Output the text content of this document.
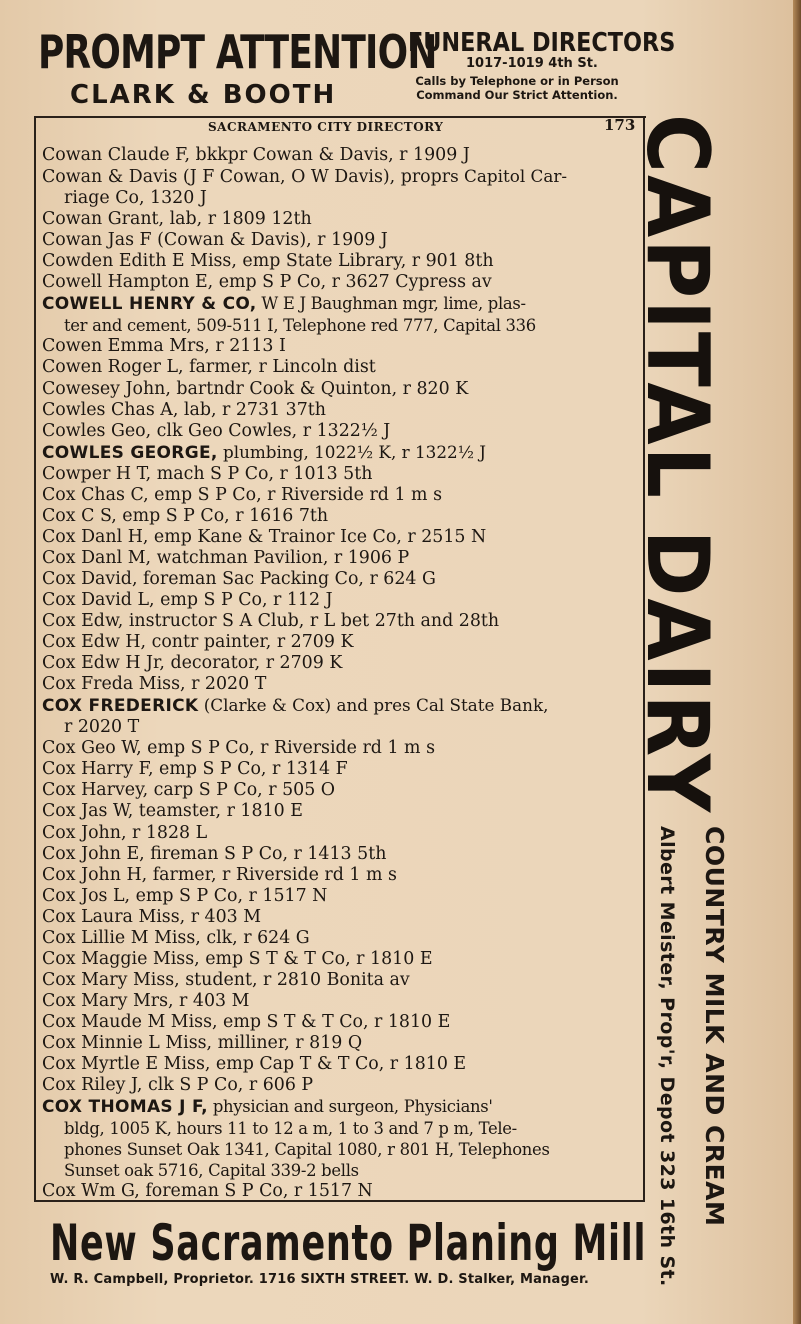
PROMPT ATTENTION
CLARK & BOOTH
FUNERAL DIRECTORS
1017-1019 4th St.
Calls by Telephone or in Person Command Our Strict Attention.
SACRAMENTO CITY DIRECTORY	173
Cowan Claude F, bkkpr Cowan & Davis, r 1909 J
Cowan & Davis (J F Cowan, O W Davis), proprs Capitol Car-
riage Co, 1320 J
Cowan Grant, lab, r 1809 12th
Cowan Jas F (Cowan & Davis), r 1909 J
Cowden Edith E Miss, emp State Library, r 901 8th
Cowell Hampton E, emp S P Co, r 3627 Cypress av
COWELL HENRY & CO, W E J Baughman mgr, lime, plas-
ter and cement, 509-511 I, Telephone red 777, Capital 336
Cowen Emma Mrs, r 2113 I
Cowen Roger L, farmer, r Lincoln dist
Cowesey John, bartndr Cook & Quinton, r 820 K
Cowles Chas A, lab, r 2731 37th
Cowles Geo, clk Geo Cowles, r 1322½ J
COWLES GEORGE, plumbing, 1022½ K, r 1322½ J
Cowper H T, mach S P Co, r 1013 5th
Cox Chas C, emp S P Co, r Riverside rd 1 m s
Cox C S, emp S P Co, r 1616 7th
Cox Danl H, emp Kane & Trainor Ice Co, r 2515 N
Cox Danl M, watchman Pavilion, r 1906 P
Cox David, foreman Sac Packing Co, r 624 G
Cox David L, emp S P Co, r 112 J
Cox Edw, instructor S A Club, r L bet 27th and 28th
Cox Edw H, contr painter, r 2709 K
Cox Edw H Jr, decorator, r 2709 K
Cox Freda Miss, r 2020 T
COX FREDERICK (Clarke & Cox) and pres Cal State Bank,
r 2020 T
Cox Geo W, emp S P Co, r Riverside rd 1 m s
Cox Harry F, emp S P Co, r 1314 F
Cox Harvey, carp S P Co, r 505 O
Cox Jas W, teamster, r 1810 E
Cox John, r 1828 L
Cox John E, fireman S P Co, r 1413 5th
Cox John H, farmer, r Riverside rd 1 m s
Cox Jos L, emp S P Co, r 1517 N
Cox Laura Miss, r 403 M
Cox Lillie M Miss, clk, r 624 G
Cox Maggie Miss, emp S T & T Co, r 1810 E
Cox Mary Miss, student, r 2810 Bonita av
Cox Mary Mrs, r 403 M
Cox Maude M Miss, emp S T & T Co, r 1810 E
Cox Minnie L Miss, milliner, r 819 Q
Cox Myrtle E Miss, emp Cap T & T Co, r 1810 E
Cox Riley J, clk S P Co, r 606 P
COX THOMAS J F, physician and surgeon, Physicians'
bldg, 1005 K, hours 11 to 12 a m, 1 to 3 and 7 p m, Tele-
phones Sunset Oak 1341, Capital 1080, r 801 H, Telephones
Sunset oak 5716, Capital 339-2 bells
Cox Wm G, foreman S P Co, r 1517 N
CAPITAL DAIRY
COUNTRY MILK AND CREAM
Albert Meister, Prop'r, Depot 323 16th St.
New Sacramento Planing Mill
W. R. Campbell, Proprietor. 1716 SIXTH STREET. W. D. Stalker, Manager.
